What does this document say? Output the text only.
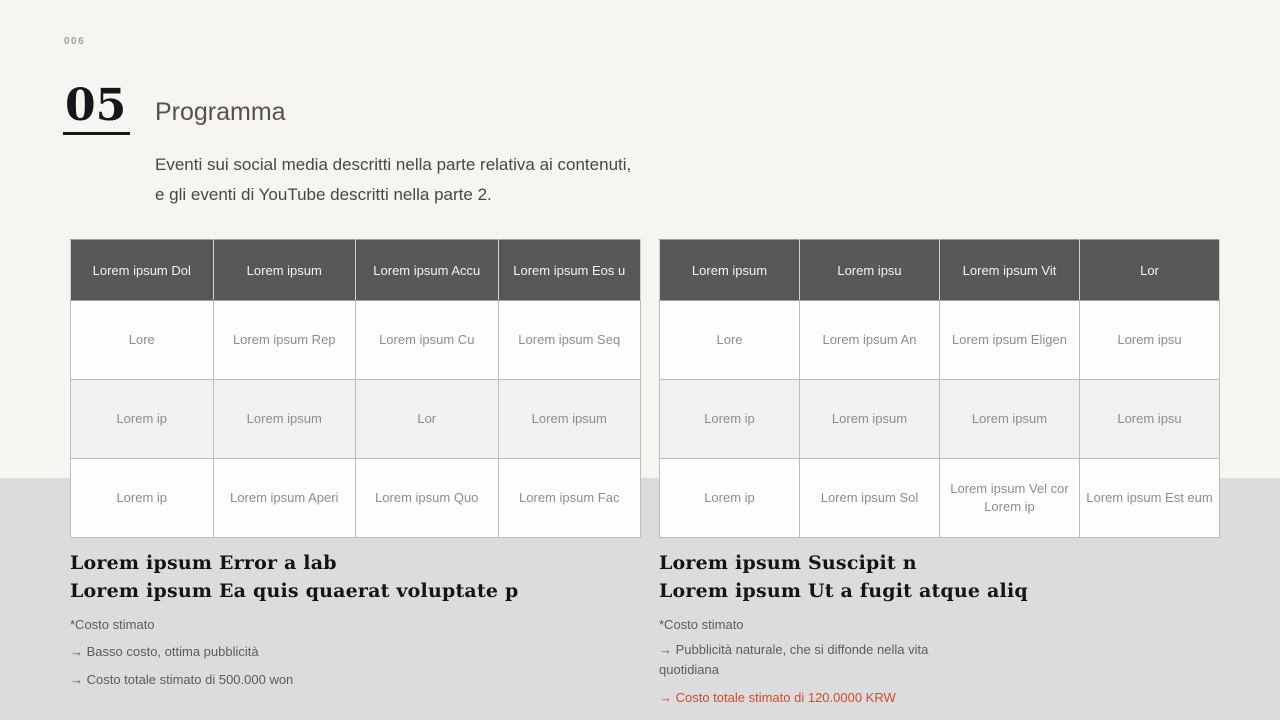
006
05 Programma
Eventi sui social media descritti nella parte relativa ai contenuti,
e gli eventi di YouTube descritti nella parte 2.
Lorem ipsum Dol	Lorem ipsum	Lorem ipsum Accu	Lorem ipsum Eos u
Lore	Lorem ipsum Rep	Lorem ipsum Cu	Lorem ipsum Seq
Lorem ip	Lorem ipsum	Lor	Lorem ipsum
Lorem ip	Lorem ipsum Aperi	Lorem ipsum Quo	Lorem ipsum Fac
Lorem ipsum	Lorem ipsu	Lorem ipsum Vit	Lor
Lore	Lorem ipsum An	Lorem ipsum Eligen	Lorem ipsu
Lorem ip	Lorem ipsum	Lorem ipsum	Lorem ipsu
Lorem ip	Lorem ipsum Sol	Lorem ipsum Vel cor Lorem ip	Lorem ipsum Est eum
Lorem ipsum Error a lab
Lorem ipsum Ea quis quaerat voluptate p
*Costo stimato
→ Basso costo, ottima pubblicità
→ Costo totale stimato di 500.000 won
Lorem ipsum Suscipit n
Lorem ipsum Ut a fugit atque aliq
*Costo stimato
→ Pubblicità naturale, che si diffonde nella vita
quotidiana
→ Costo totale stimato di 120.0000 KRW
